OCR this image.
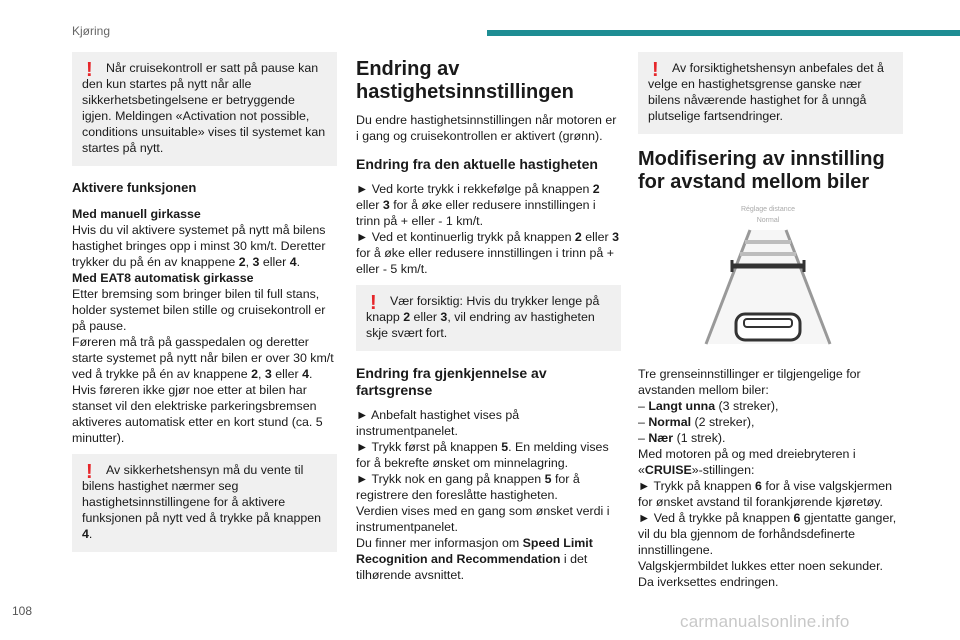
Kjøring
!	Når cruisekontroll er satt på pause kan den kun startes på nytt når alle sikkerhetsbetingelsene er betryggende igjen. Meldingen «Activation not possible, conditions unsuitable» vises til systemet kan startes på nytt.

Aktivere funksjonen

Med manuell girkasse

Hvis du vil aktivere systemet på nytt må bilens hastighet bringes opp i minst 30 km/t. Deretter trykker du på én av knappene 2, 3 eller 4.

Med EAT8 automatisk girkasse

Etter bremsing som bringer bilen til full stans, holder systemet bilen stille og cruisekontroll er på pause.

Føreren må trå på gasspedalen og deretter starte systemet på nytt når bilen er over 30 km/t ved å trykke på én av knappene 2, 3 eller 4.

Hvis føreren ikke gjør noe etter at bilen har stanset vil den elektriske parkeringsbremsen aktiveres automatisk etter en kort stund (ca. 5 minutter).

!	Av sikkerhetshensyn må du vente til bilens hastighet nærmer seg hastighetsinnstillingene for å aktivere funksjonen på nytt ved å trykke på knappen 4.

Endring av hastighetsinnstillingen

Du endre hastighetsinnstillingen når motoren er i gang og cruisekontrollen er aktivert (grønn).

Endring fra den aktuelle hastigheten

► Ved korte trykk i rekkefølge på knappen 2 eller 3 for å øke eller redusere innstillingen i trinn på + eller - 1 km/t.

► Ved et kontinuerlig trykk på knappen 2 eller 3 for å øke eller redusere innstillingen i trinn på + eller - 5 km/t.

!	Vær forsiktig: Hvis du trykker lenge på knapp 2 eller 3, vil endring av hastigheten skje svært fort.

Endring fra gjenkjennelse av fartsgrense

► Anbefalt hastighet vises på instrumentpanelet.

► Trykk først på knappen 5. En melding vises for å bekrefte ønsket om minnelagring.

► Trykk nok en gang på knappen 5 for å registrere den foreslåtte hastigheten.

Verdien vises med en gang som ønsket verdi i instrumentpanelet.

Du finner mer informasjon om Speed Limit Recognition and Recommendation i det tilhørende avsnittet.

!	Av forsiktighetshensyn anbefales det å velge en hastighetsgrense ganske nær bilens nåværende hastighet for å unngå plutselige fartsendringer.

Modifisering av innstilling for avstand mellom biler
Réglage distance
Normal

Tre grenseinnstillinger er tilgjengelige for avstanden mellom biler:

– Langt unna (3 streker),

– Normal (2 streker),

– Nær (1 strek).

Med motoren på og med dreiebryteren i «CRUISE»-stillingen:

► Trykk på knappen 6 for å vise valgskjermen for ønsket avstand til forankjørende kjøretøy.

► Ved å trykke på knappen 6 gjentatte ganger, vil du bla gjennom de forhåndsdefinerte innstillingene.

Valgskjermbildet lukkes etter noen sekunder.

Da iverksettes endringen.

108
carmanualsonline.info
